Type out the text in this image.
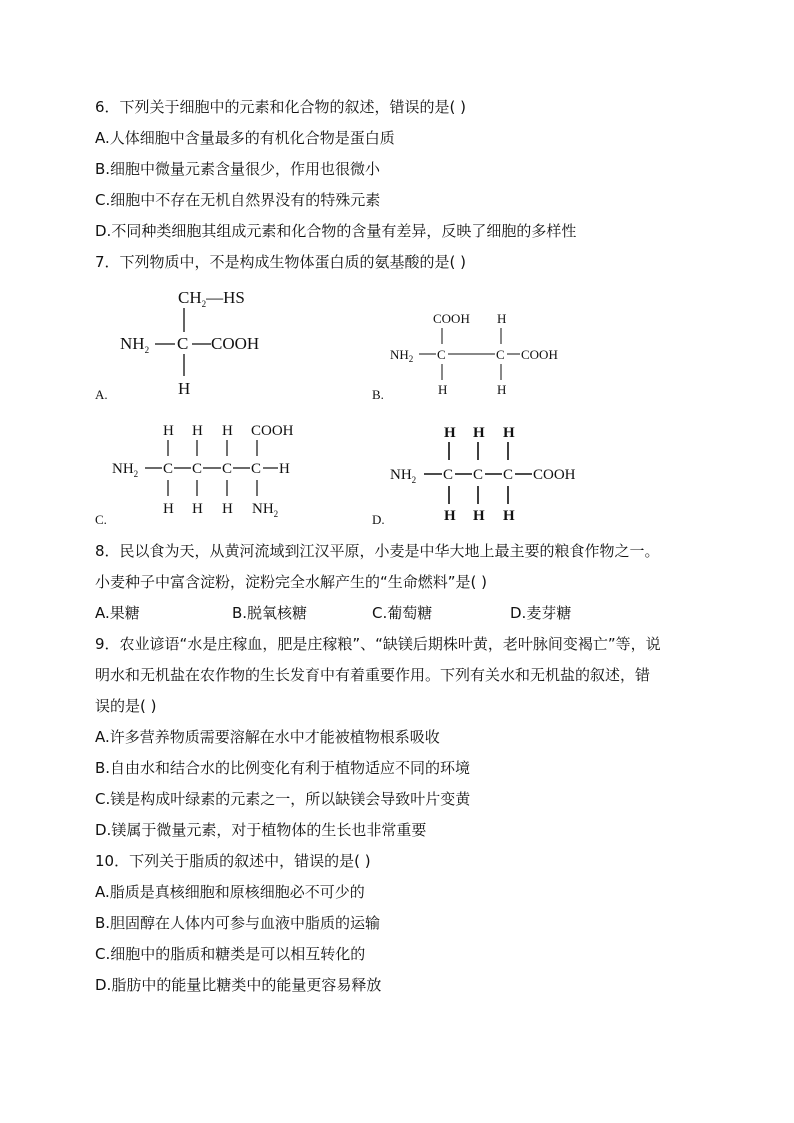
6．下列关于细胞中的元素和化合物的叙述，错误的是( )
A.人体细胞中含量最多的有机化合物是蛋白质
B.细胞中微量元素含量很少，作用也很微小
C.细胞中不存在无机自然界没有的特殊元素
D.不同种类细胞其组成元素和化合物的含量有差异，反映了细胞的多样性
7．下列物质中，不是构成生物体蛋白质的氨基酸的是( )
$CH_2—HS$
$NH_2$ C COOH
H
A.
COOH H
$NH_2$ C	C COOH
H	H
B.
H H H COOH
$NH_2$ C C C C H
H H H $NH_2$
C.
H H H
$NH_2$ C C C COOH
H H H
D.
8．民以食为天，从黄河流域到江汉平原，小麦是中华大地上最主要的粮食作物之一。
小麦种子中富含淀粉，淀粉完全水解产生的“生命燃料”是( )
A.果糖	B.脱氧核糖	C.葡萄糖	D.麦芽糖
9．农业谚语“水是庄稼血，肥是庄稼粮”、“缺镁后期株叶黄，老叶脉间变褐亡”等，说
明水和无机盐在农作物的生长发育中有着重要作用。下列有关水和无机盐的叙述，错
误的是( )
A.许多营养物质需要溶解在水中才能被植物根系吸收
B.自由水和结合水的比例变化有利于植物适应不同的环境
C.镁是构成叶绿素的元素之一，所以缺镁会导致叶片变黄
D.镁属于微量元素，对于植物体的生长也非常重要
10．下列关于脂质的叙述中，错误的是( )
A.脂质是真核细胞和原核细胞必不可少的
B.胆固醇在人体内可参与血液中脂质的运输
C.细胞中的脂质和糖类是可以相互转化的
D.脂肪中的能量比糖类中的能量更容易释放
